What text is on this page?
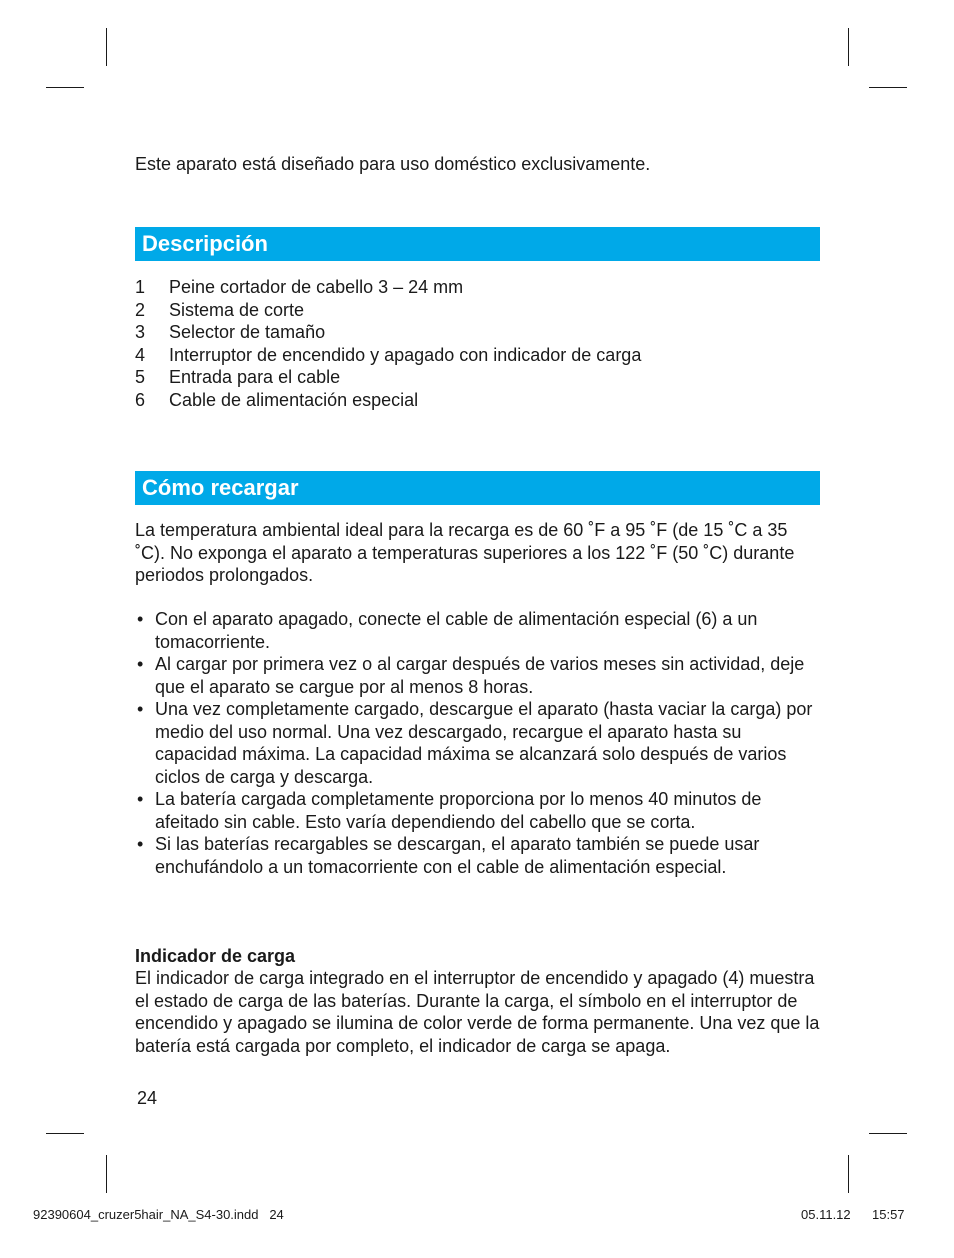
Este aparato está diseñado para uso doméstico exclusivamente.

Descripción
1	Peine cortador de cabello 3 – 24 mm
2	Sistema de corte
3	Selector de tamaño
4	Interruptor de encendido y apagado con indicador de carga
5	Entrada para el cable
6	Cable de alimentación especial
Cómo recargar

La temperatura ambiental ideal para la recarga es de 60 ˚F a 95 ˚F (de 15 ˚C a 35 ˚C). No exponga el aparato a temperaturas superiores a los 122 ˚F (50 ˚C) durante periodos prolongados.

• Con el aparato apagado, conecte el cable de alimentación especial (6) a un tomacorriente.
• Al cargar por primera vez o al cargar después de varios meses sin actividad, deje que el aparato se cargue por al menos 8 horas.
• Una vez completamente cargado, descargue el aparato (hasta vaciar la carga) por medio del uso normal. Una vez descargado, recargue el aparato hasta su capacidad máxima. La capacidad máxima se alcanzará solo después de varios ciclos de carga y descarga.
• La batería cargada completamente proporciona por lo menos 40 minutos de afeitado sin cable. Esto varía dependiendo del cabello que se corta.
• Si las baterías recargables se descargan, el aparato también se puede usar enchufándolo a un tomacorriente con el cable de alimentación especial.

Indicador de carga

El indicador de carga integrado en el interruptor de encendido y apagado (4) muestra el estado de carga de las baterías. Durante la carga, el símbolo en el interruptor de encendido y apagado se ilumina de color verde de forma permanente. Una vez que la batería está cargada por completo, el indicador de carga se apaga.

24
92390604_cruzer5hair_NA_S4-30.indd   24	05.11.12 15:57
